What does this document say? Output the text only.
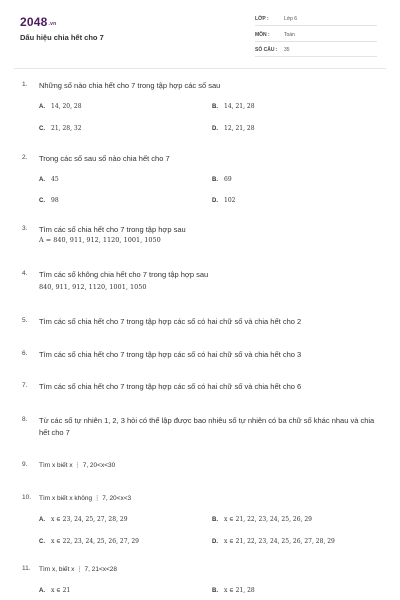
2048.vn
Dấu hiệu chia hết cho 7
LỚP :	Lớp 6
MÔN :	Toán
SỐ CÂU : 35
1. Những số nào chia hết cho 7 trong tập hợp các số sau
A. 14, 20, 28	B. 14, 21, 28
C. 21, 28, 32	D. 12, 21, 28
2. Trong các số sau số nào chia hết cho 7
A. 45	B. 69
C. 98	D. 102
3. Tìm các số chia hết cho 7 trong tập hợp sau
A = 840, 911, 912, 1120, 1001, 1050
4. Tìm các số không chia hết cho 7 trong tập hợp sau
840, 911, 912, 1120, 1001, 1050
5. Tìm các số chia hết cho 7 trong tập hợp các số có hai chữ số và chia hết cho 2
6. Tìm các số chia hết cho 7 trong tập hợp các số có hai chữ số và chia hết cho 3
7. Tìm các số chia hết cho 7 trong tập hợp các số có hai chữ số và chia hết cho 6
8. Từ các số tự nhiên 1, 2, 3 hỏi có thể lập được bao nhiêu số tự nhiên có ba chữ số khác nhau và chia hết cho 7
9. Tìm x biết x ⋮ 7, 20<x<30
10. Tìm x biết x không ⋮ 7, 20<x<3
A. x ∈ 23, 24, 25, 27, 28, 29	B. x ∈ 21, 22, 23, 24, 25, 26, 29
C. x ∈ 22, 23, 24, 25, 26, 27, 29	D. x ∈ 21, 22, 23, 24, 25, 26, 27, 28, 29
11. Tìm x, biết x ⋮ 7, 21<x<28
A. x ∈ 21	B. x ∈ 21, 28
